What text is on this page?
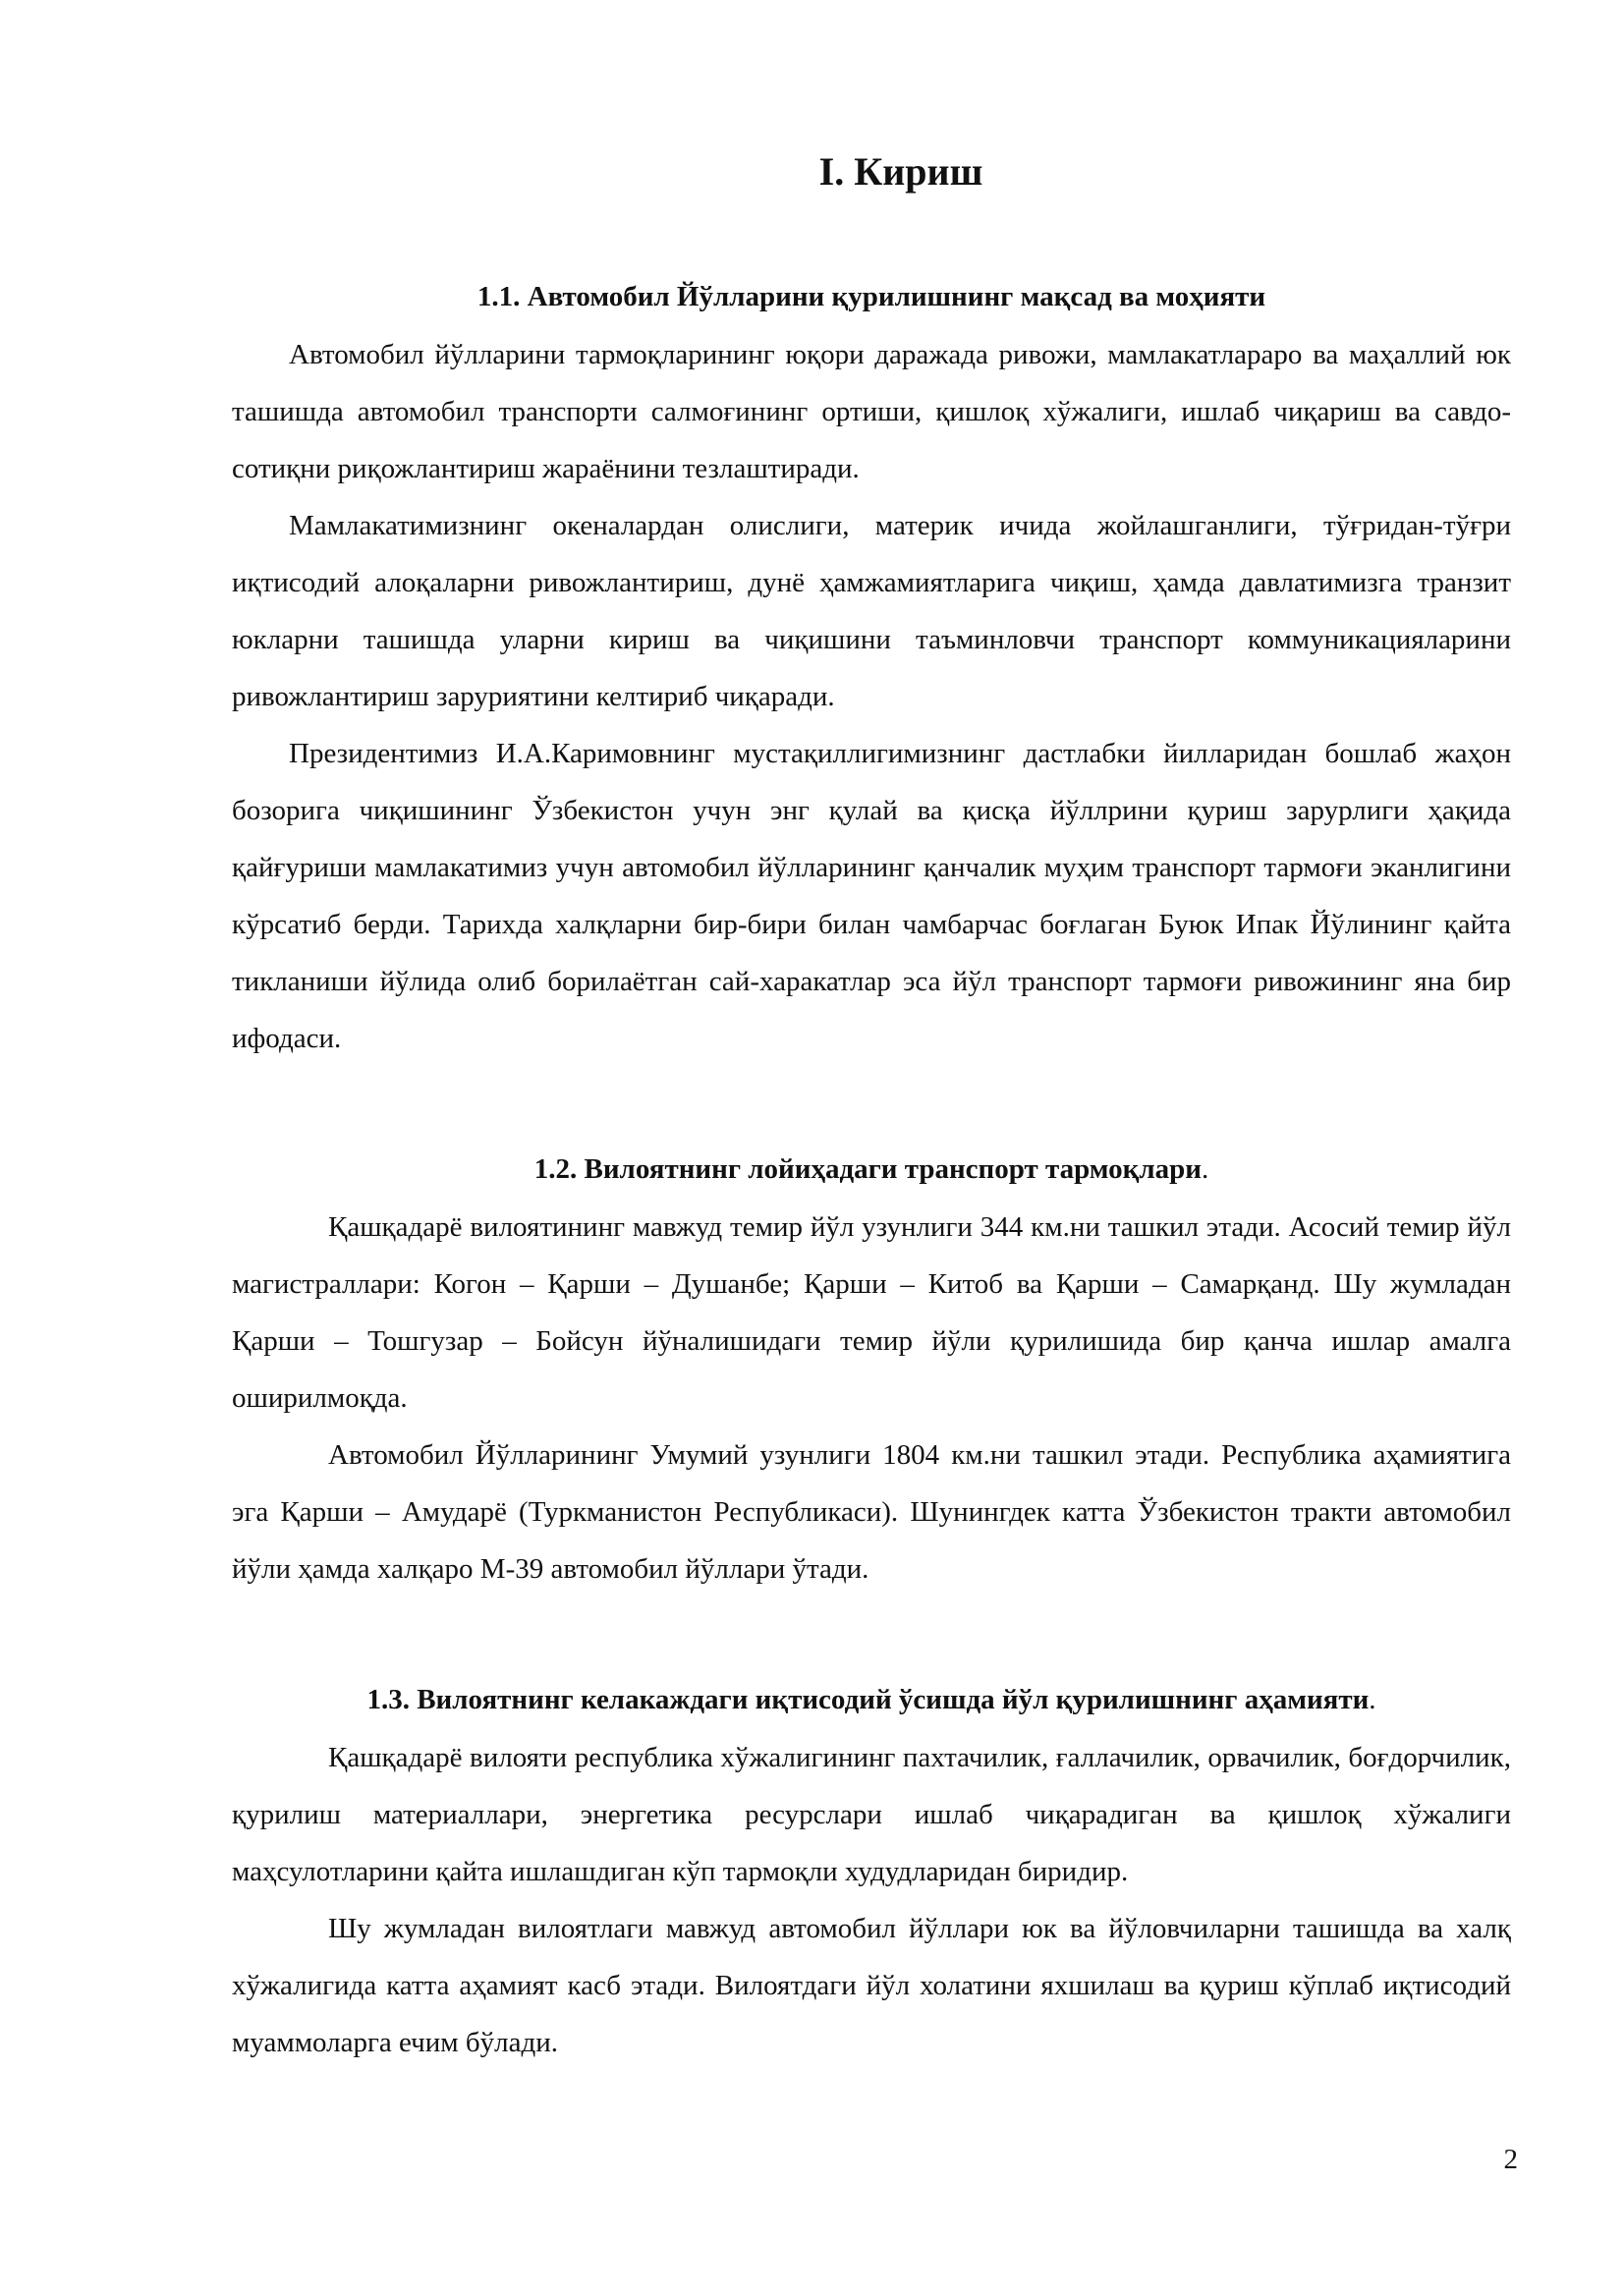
I. Кириш
1.1. Автомобил Йўлларини қурилишнинг мақсад ва моҳияти

Автомобил йўлларини тармоқларининг юқори даражада ривожи, мамлакатлараро ва маҳаллий юк ташишда автомобил транспорти салмоғининг ортиши, қишлоқ хўжалиги, ишлаб чиқариш ва савдо-сотиқни риқожлантириш жараёнини тезлаштиради.

Мамлакатимизнинг океналардан олислиги, материк ичида жойлашганлиги, тўғридан-тўғри иқтисодий алоқаларни ривожлантириш, дунё ҳамжамиятларига чиқиш, ҳамда давлатимизга транзит юкларни ташишда уларни кириш ва чиқишини таъминловчи транспорт коммуникацияларини ривожлантириш заруриятини келтириб чиқаради.

Президентимиз И.А.Каримовнинг мустақиллигимизнинг дастлабки йилларидан бошлаб жаҳон бозорига чиқишининг Ўзбекистон учун энг қулай ва қисқа йўллрини қуриш зарурлиги ҳақида қайғуриши мамлакатимиз учун автомобил йўлларининг қанчалик муҳим транспорт тармоғи эканлигини кўрсатиб берди. Тарихда халқларни бир-бири билан чамбарчас боғлаган Буюк Ипак Йўлининг қайта тикланиши йўлида олиб борилаётган сай-харакатлар эса йўл транспорт тармоғи ривожининг яна бир ифодаси.

1.2. Вилоятнинг лойиҳадаги транспорт тармоқлари.

Қашқадарё вилоятининг мавжуд темир йўл узунлиги 344 км.ни ташкил этади. Асосий темир йўл магистраллари: Когон – Қарши – Душанбе; Қарши – Китоб ва Қарши – Самарқанд. Шу жумладан Қарши – Тошгузар – Бойсун йўналишидаги темир йўли қурилишида бир қанча ишлар амалга оширилмоқда.

Автомобил Йўлларининг Умумий узунлиги 1804 км.ни ташкил этади. Республика аҳамиятига эга Қарши – Амударё (Туркманистон Республикаси). Шунингдек катта Ўзбекистон тракти автомобил йўли ҳамда халқаро М-39 автомобил йўллари ўтади.

1.3. Вилоятнинг келакаждаги иқтисодий ўсишда йўл қурилишнинг аҳамияти.

Қашқадарё вилояти республика хўжалигининг пахтачилик, ғаллачилик, орвачилик, боғдорчилик, қурилиш материаллари, энергетика ресурслари ишлаб чиқарадиган ва қишлоқ хўжалиги маҳсулотларини қайта ишлашдиган кўп тармоқли худудларидан биридир.

Шу жумладан вилоятлаги мавжуд автомобил йўллари юк ва йўловчиларни ташишда ва халқ хўжалигида катта аҳамият касб этади. Вилоятдаги йўл холатини яхшилаш ва қуриш кўплаб иқтисодий муаммоларга ечим бўлади.

2
